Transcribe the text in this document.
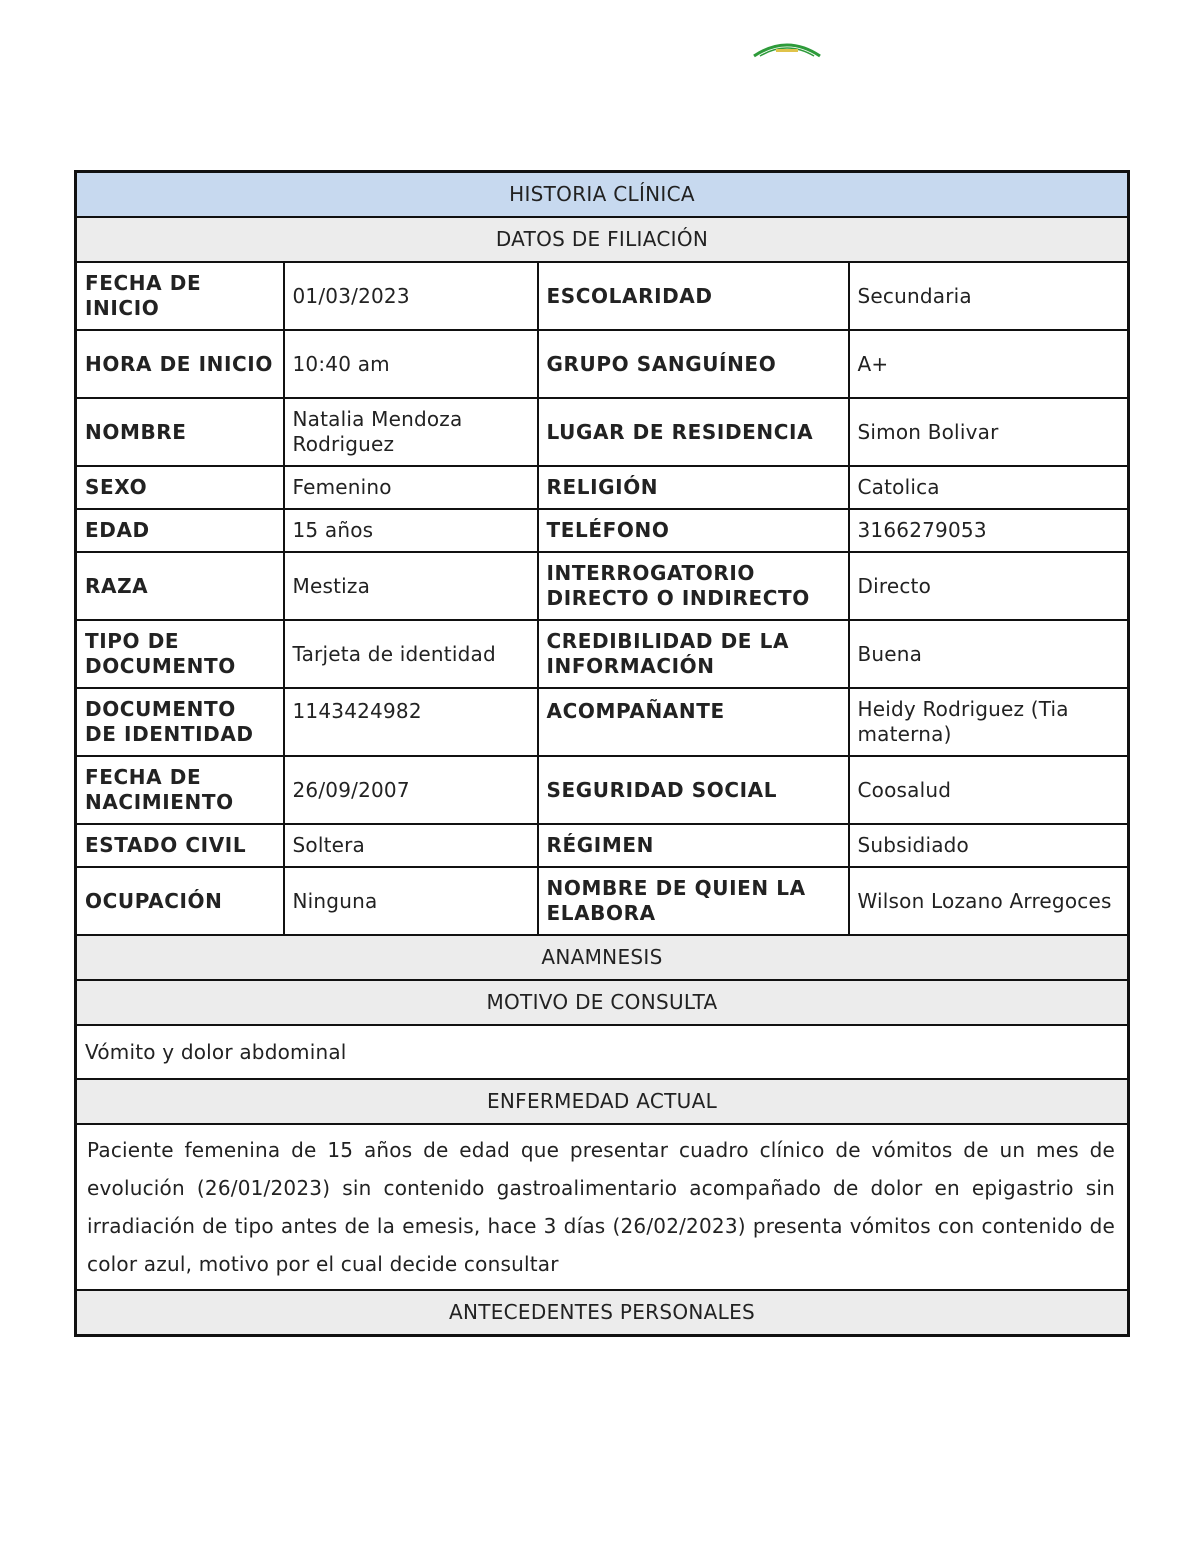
HISTORIA CLÍNICA			
DATOS DE FILIACIÓN			
FECHA DE INICIO	01/03/2023	ESCOLARIDAD	Secundaria
HORA DE INICIO	10:40 am	GRUPO SANGUÍNEO	A+
NOMBRE	Natalia Mendoza Rodriguez	LUGAR DE RESIDENCIA	Simon Bolivar
SEXO	Femenino	RELIGIÓN	Catolica
EDAD	15 años	TELÉFONO	3166279053
RAZA	Mestiza	INTERROGATORIO DIRECTO O INDIRECTO	Directo
TIPO DE DOCUMENTO	Tarjeta de identidad	CREDIBILIDAD DE LA INFORMACIÓN	Buena
DOCUMENTO DE IDENTIDAD	1143424982	ACOMPAÑANTE	Heidy Rodriguez (Tia materna)
FECHA DE NACIMIENTO	26/09/2007	SEGURIDAD SOCIAL	Coosalud
ESTADO CIVIL	Soltera	RÉGIMEN	Subsidiado
OCUPACIÓN	Ninguna	NOMBRE DE QUIEN LA ELABORA	Wilson Lozano Arregoces
ANAMNESIS			
MOTIVO DE CONSULTA			
Vómito y dolor abdominal			
ENFERMEDAD ACTUAL			
Paciente femenina de 15 años de edad que presentar cuadro clínico de vómitos de un mes de evolución (26/01/2023) sin contenido gastroalimentario acompañado de dolor en epigastrio sin irradiación de tipo antes de la emesis, hace 3 días (26/02/2023) presenta vómitos con contenido de color azul, motivo por el cual decide consultar			
ANTECEDENTES PERSONALES			
